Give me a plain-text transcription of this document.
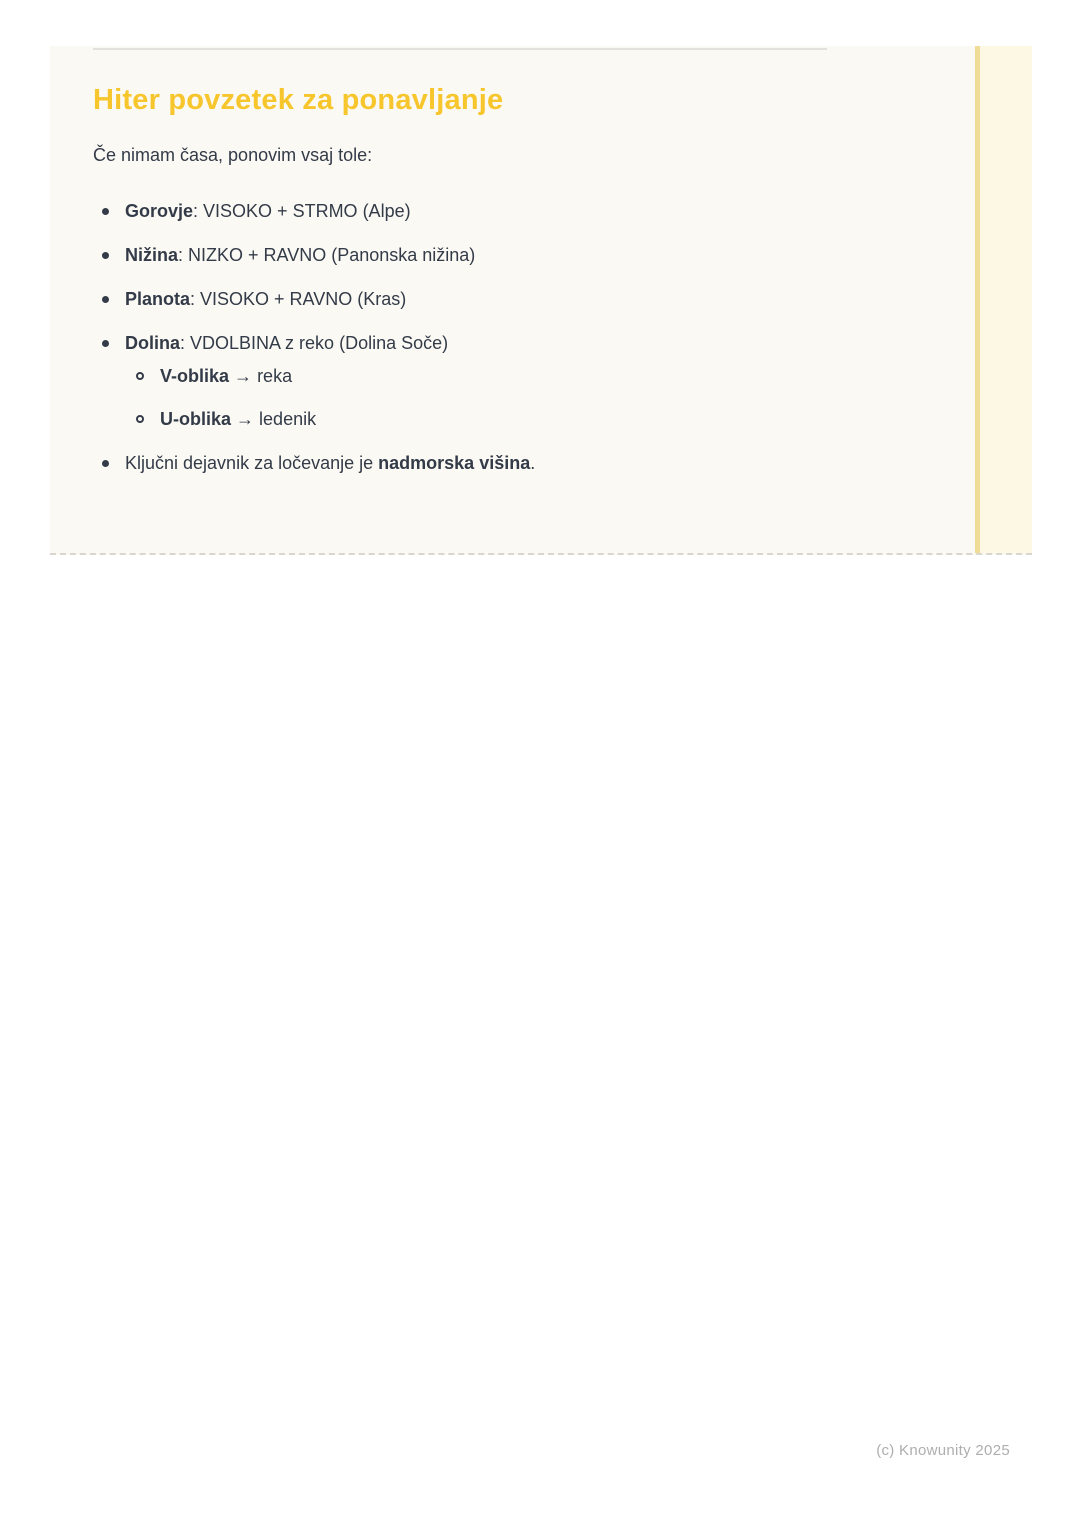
Hiter povzetek za ponavljanje

Če nimam časa, ponovim vsaj tole:

Gorovje: VISOKO + STRMO (Alpe)
Nižina: NIZKO + RAVNO (Panonska nižina)
Planota: VISOKO + RAVNO (Kras)
Dolina: VDOLBINA z reko (Dolina Soče)
V-oblika → reka
U-oblika → ledenik
Ključni dejavnik za ločevanje je nadmorska višina.
(c) Knowunity 2025
